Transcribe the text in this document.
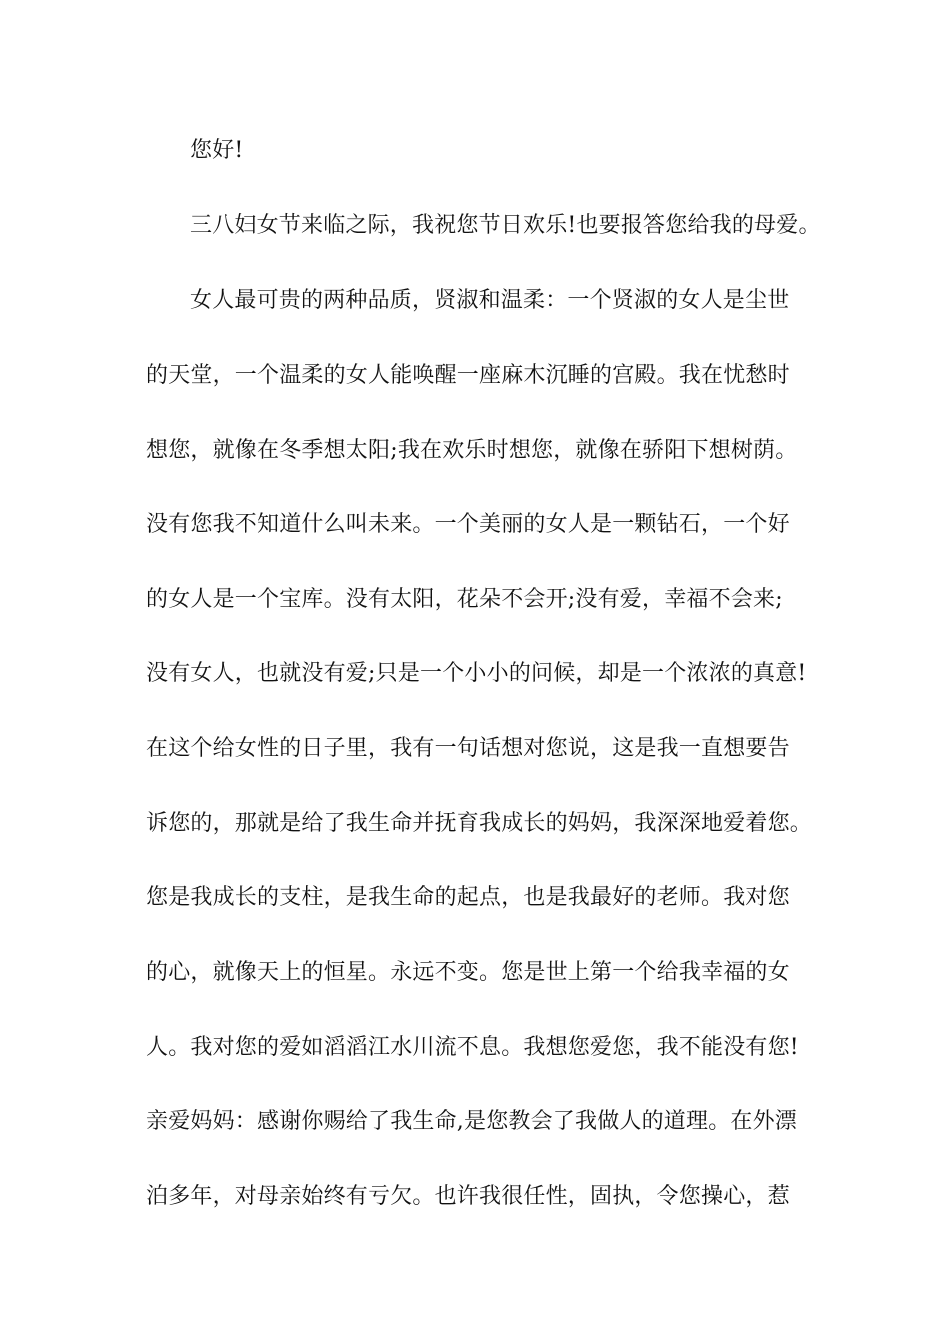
您好!
三八妇女节来临之际，我祝您节日欢乐!也要报答您给我的母爱。
女人最可贵的两种品质，贤淑和温柔：一个贤淑的女人是尘世
的天堂，一个温柔的女人能唤醒一座麻木沉睡的宫殿。我在忧愁时
想您，就像在冬季想太阳;我在欢乐时想您，就像在骄阳下想树荫。
没有您我不知道什么叫未来。一个美丽的女人是一颗钻石，一个好
的女人是一个宝库。没有太阳，花朵不会开;没有爱，幸福不会来;
没有女人，也就没有爱;只是一个小小的问候，却是一个浓浓的真意!
在这个给女性的日子里，我有一句话想对您说，这是我一直想要告
诉您的，那就是给了我生命并抚育我成长的妈妈，我深深地爱着您。
您是我成长的支柱，是我生命的起点，也是我最好的老师。我对您
的心，就像天上的恒星。永远不变。您是世上第一个给我幸福的女
人。我对您的爱如滔滔江水川流不息。我想您爱您，我不能没有您!
亲爱妈妈：感谢你赐给了我生命,是您教会了我做人的道理。在外漂
泊多年，对母亲始终有亏欠。也许我很任性，固执，令您操心，惹
